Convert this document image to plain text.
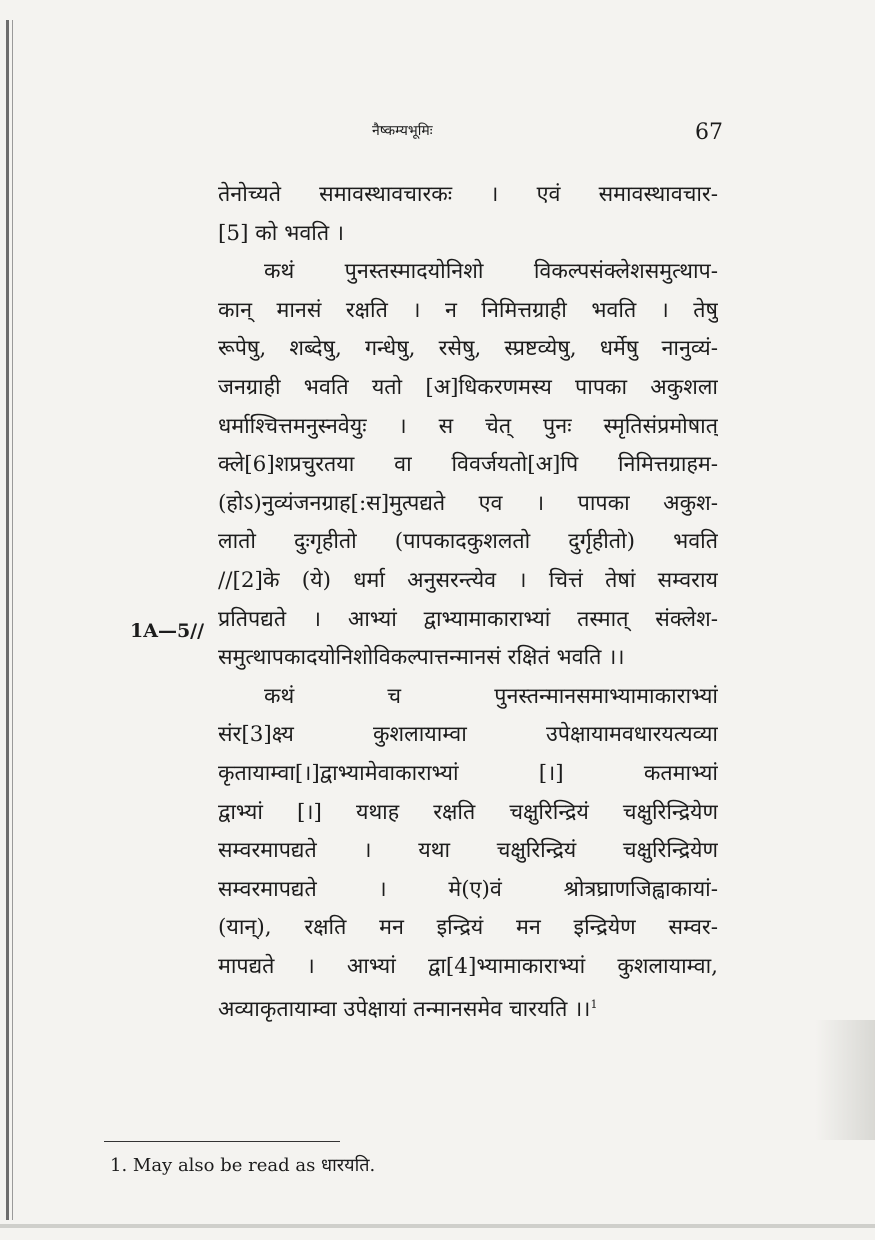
नैष्कम्यभूमिः	67
1A—5//
तेनोच्यते समावस्थावचारकः । एवं समावस्थावचार-
[5] को भवति ।
कथं पुनस्तस्मादयोनिशो विकल्पसंक्लेशसमुत्थाप-
कान् मानसं रक्षति । न निमित्तग्राही भवति । तेषु
रूपेषु, शब्देषु, गन्धेषु, रसेषु, स्प्रष्टव्येषु, धर्मेषु नानुव्यं-
जनग्राही भवति यतो [अ]धिकरणमस्य पापका अकुशला
धर्माश्चित्तमनुस्नवेयुः । स चेत् पुनः स्मृतिसंप्रमोषात्
क्ले[6]शप्रचुरतया वा विवर्जयतो[अ]पि निमित्तग्राहम-
(होऽ)नुव्यंजनग्राह[:स]मुत्पद्यते एव । पापका अकुश-
लातो दुःगृहीतो (पापकादकुशलतो दुर्गृहीतो) भवति
//[2]के (ये) धर्मा अनुसरन्त्येव । चित्तं तेषां सम्वराय
प्रतिपद्यते । आभ्यां द्वाभ्यामाकाराभ्यां तस्मात् संक्लेश-
समुत्थापकादयोनिशोविकल्पात्तन्मानसं रक्षितं भवति ।।
कथं च पुनस्तन्मानसमाभ्यामाकाराभ्यां
संर[3]क्ष्य कुशलायाम्वा उपेक्षायामवधारयत्यव्या
कृतायाम्वा[।]द्वाभ्यामेवाकाराभ्यां [।] कतमाभ्यां
द्वाभ्यां [।] यथाह रक्षति चक्षुरिन्द्रियं चक्षुरिन्द्रियेण
सम्वरमापद्यते । यथा चक्षुरिन्द्रियं चक्षुरिन्द्रियेण
सम्वरमापद्यते । मे(ए)वं श्रोत्रघ्राणजिह्वाकायां-
(यान्), रक्षति मन इन्द्रियं मन इन्द्रियेण सम्वर-
मापद्यते । आभ्यां द्वा[4]भ्यामाकाराभ्यां कुशलायाम्वा,
अव्याकृतायाम्वा उपेक्षायां तन्मानसमेव चारयति ।।$^1$
1. May also be read as धारयति.
